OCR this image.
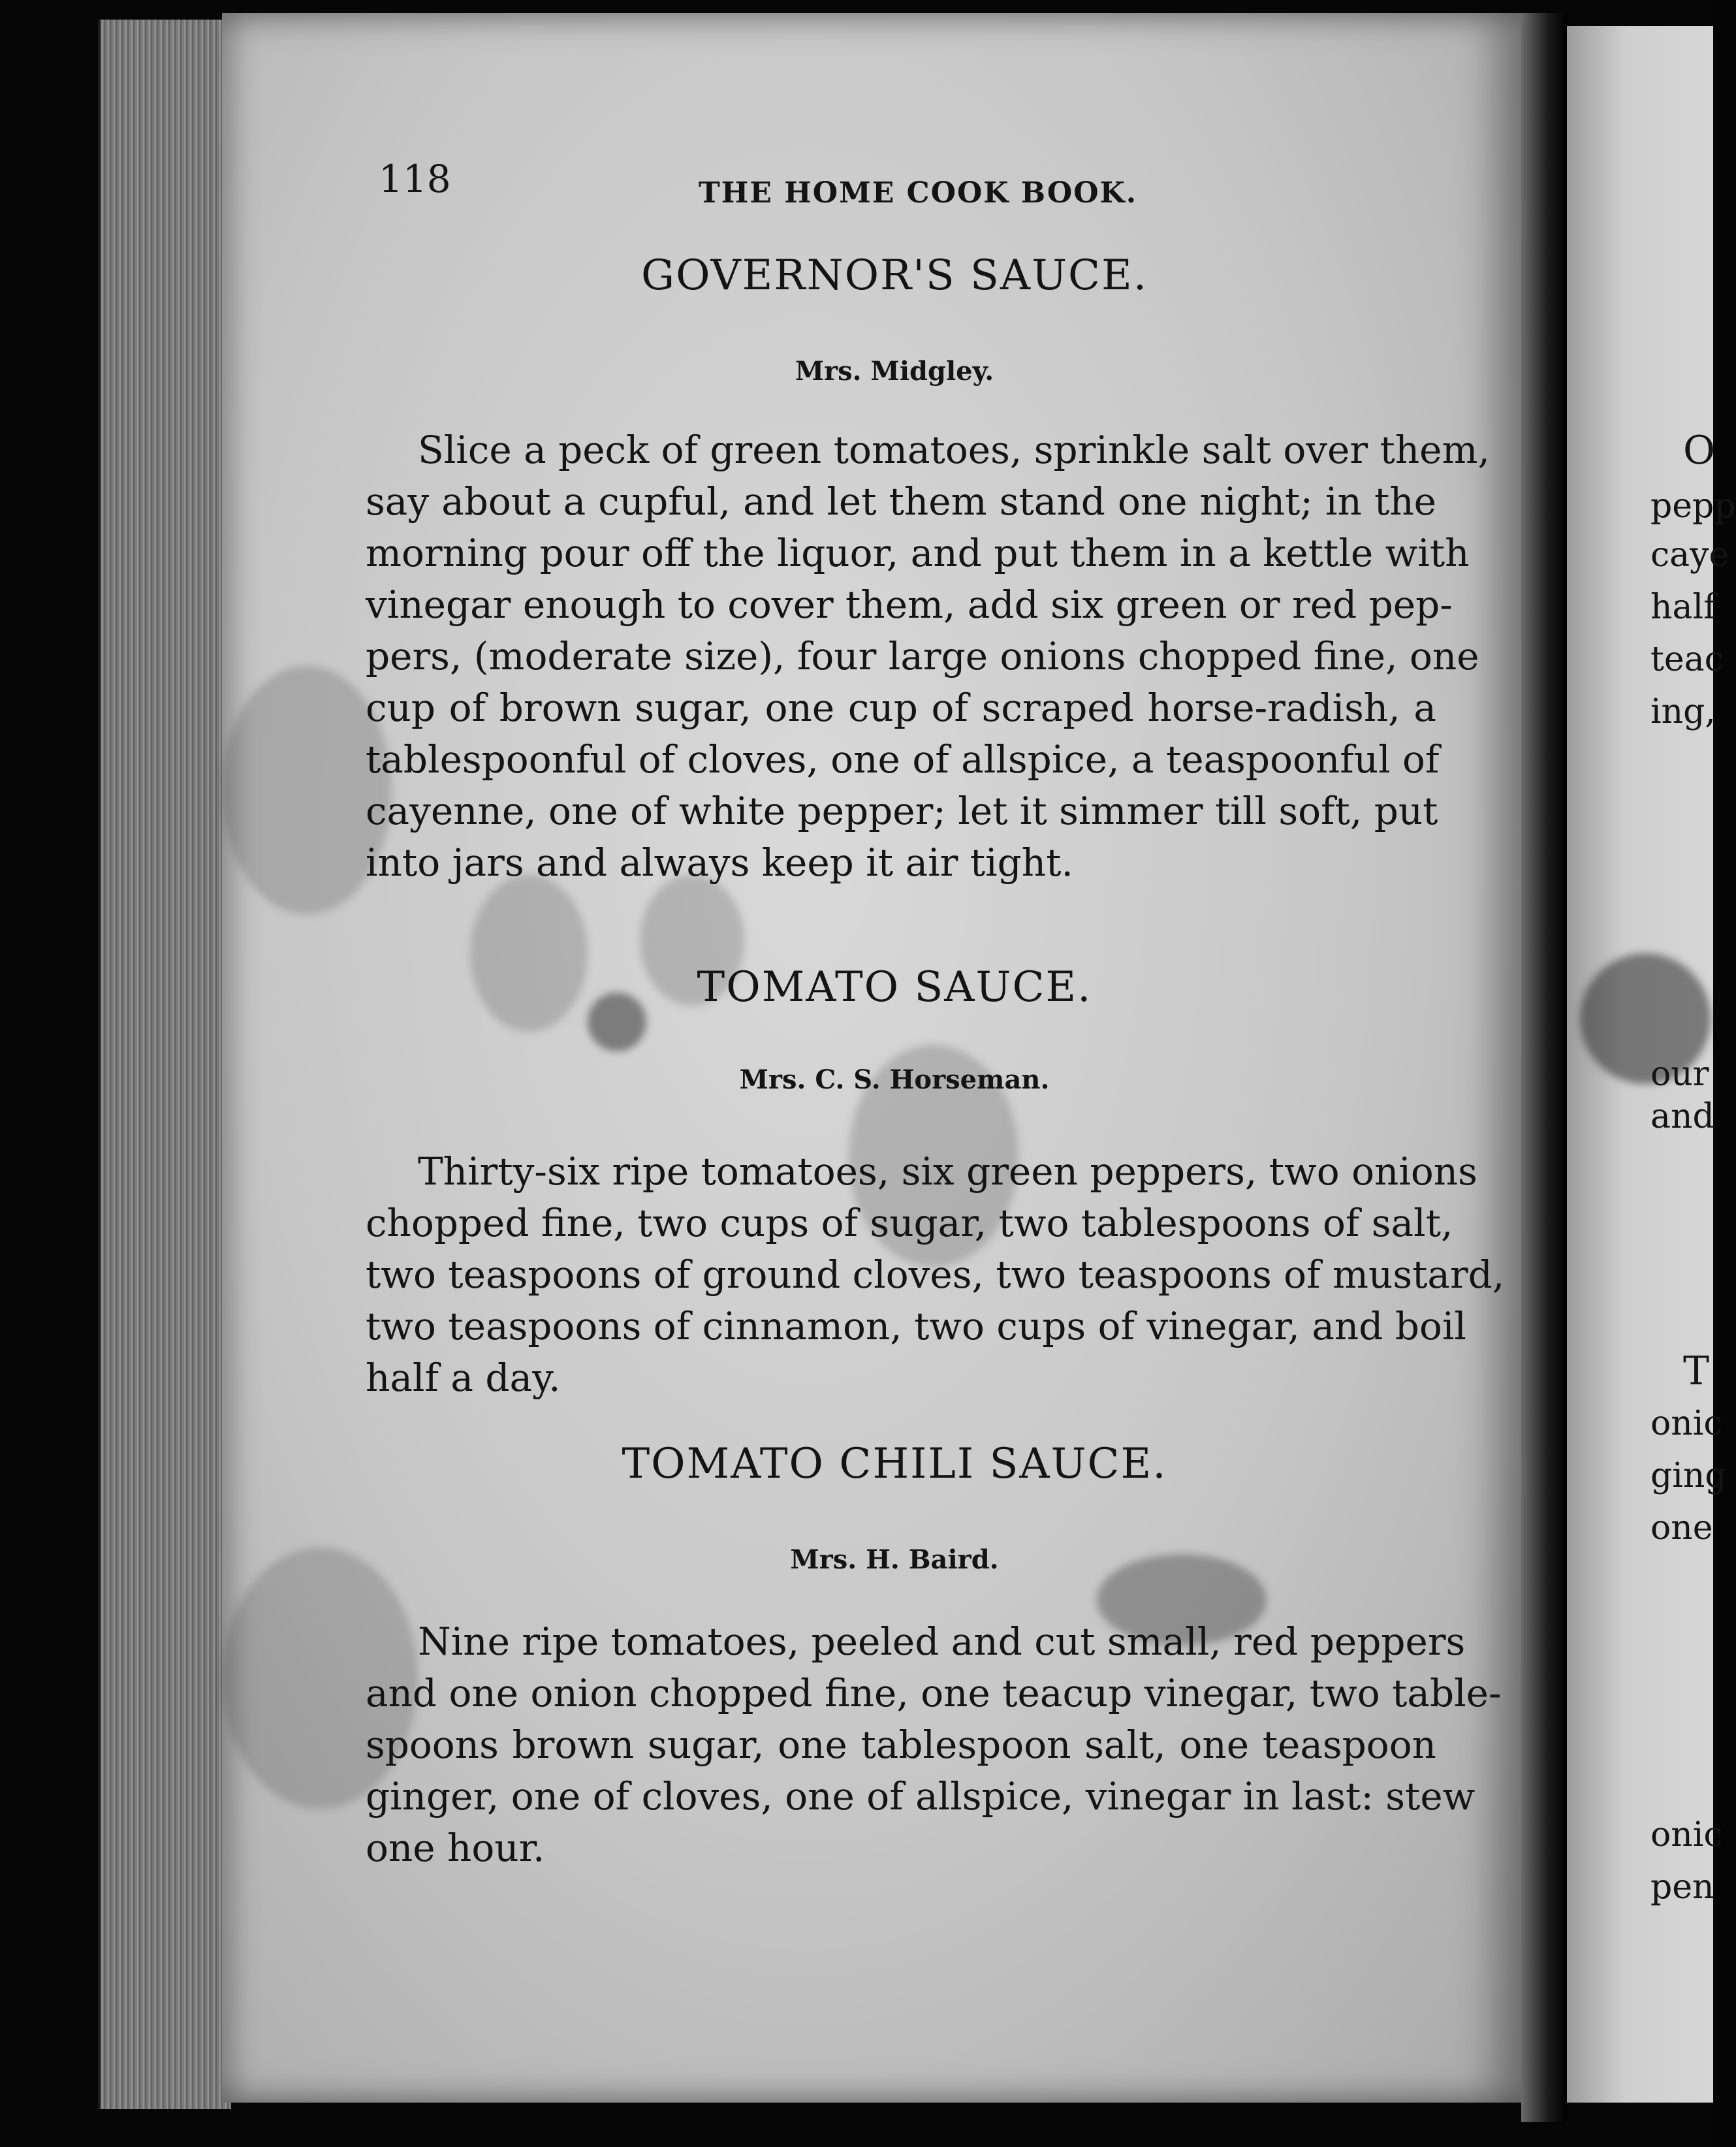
118	THE HOME COOK BOOK.

GOVERNOR'S SAUCE.

Mrs. Midgley.

Slice a peck of green tomatoes, sprinkle salt over them,
say about a cupful, and let them stand one night; in the
morning pour off the liquor, and put them in a kettle with
vinegar enough to cover them, add six green or red pep-
pers, (moderate size), four large onions chopped fine, one
cup of brown sugar, one cup of scraped horse-radish, a
tablespoonful of cloves, one of allspice, a teaspoonful of
cayenne, one of white pepper; let it simmer till soft, put
into jars and always keep it air tight.

TOMATO SAUCE.

Mrs. C. S. Horseman.

Thirty-six ripe tomatoes, six green peppers, two onions
chopped fine, two cups of sugar, two tablespoons of salt,
two teaspoons of ground cloves, two teaspoons of mustard,
two teaspoons of cinnamon, two cups of vinegar, and boil
half a day.

TOMATO CHILI SAUCE.

Mrs. H. Baird.

Nine ripe tomatoes, peeled and cut small, red peppers
and one onion chopped fine, one teacup vinegar, two table-
spoons brown sugar, one tablespoon salt, one teaspoon
ginger, one of cloves, one of allspice, vinegar in last: stew
one hour.
O
pepp
caye
half
teac
ing,
our
and
T
onic
ging
one
onic
pen
